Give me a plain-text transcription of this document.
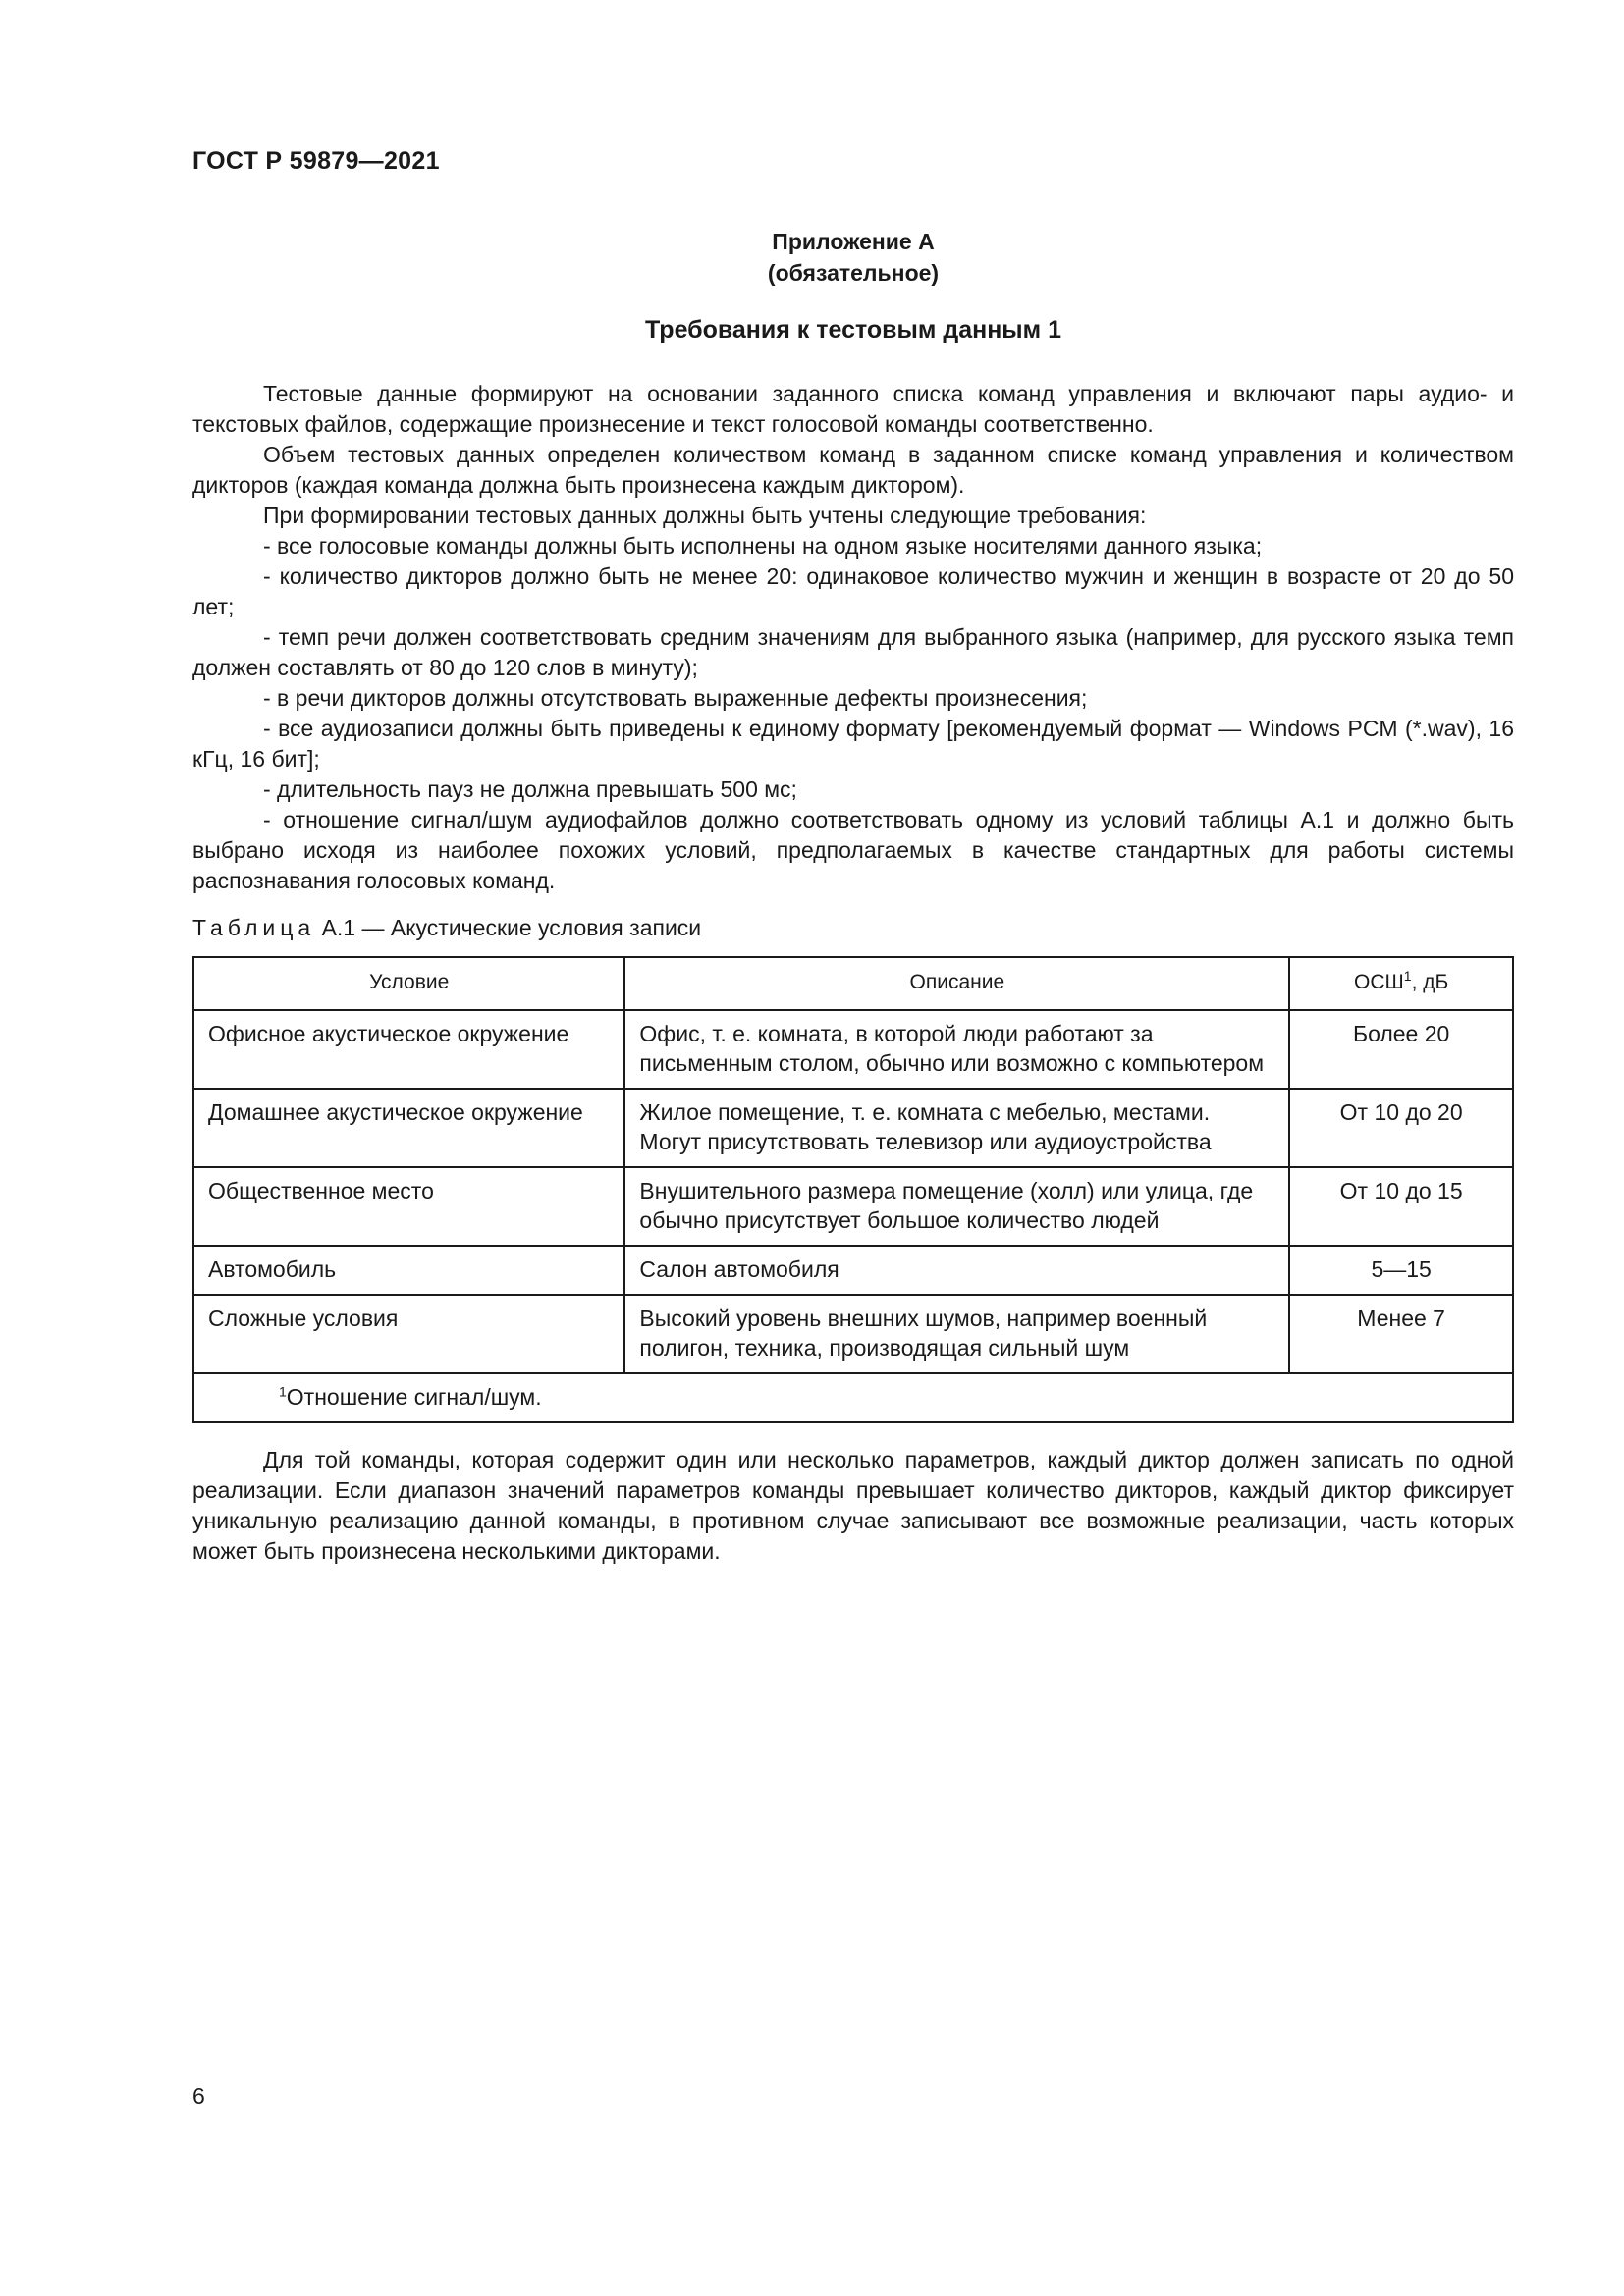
ГОСТ Р 59879—2021
Приложение А
(обязательное)
Требования к тестовым данным 1

Тестовые данные формируют на основании заданного списка команд управления и включают пары аудио- и текстовых файлов, содержащие произнесение и текст голосовой команды соответственно.

Объем тестовых данных определен количеством команд в заданном списке команд управления и количеством дикторов (каждая команда должна быть произнесена каждым диктором).

При формировании тестовых данных должны быть учтены следующие требования:

- все голосовые команды должны быть исполнены на одном языке носителями данного языка;

- количество дикторов должно быть не менее 20: одинаковое количество мужчин и женщин в возрасте от 20 до 50 лет;

- темп речи должен соответствовать средним значениям для выбранного языка (например, для русского языка темп должен составлять от 80 до 120 слов в минуту);

- в речи дикторов должны отсутствовать выраженные дефекты произнесения;

- все аудиозаписи должны быть приведены к единому формату [рекомендуемый формат — Windows PCM (*.wav), 16 кГц, 16 бит];

- длительность пауз не должна превышать 500 мс;

- отношение сигнал/шум аудиофайлов должно соответствовать одному из условий таблицы А.1 и должно быть выбрано исходя из наиболее похожих условий, предполагаемых в качестве стандартных для работы системы распознавания голосовых команд.

Таблица А.1 — Акустические условия записи
Условие	Описание	ОСШ$^1$, дБ
Офисное акустическое окружение	Офис, т. е. комната, в которой люди работают за письменным столом, обычно или возможно с компьютером	Более 20
Домашнее акустическое окружение	Жилое помещение, т. е. комната с мебелью, местами. Могут присутствовать телевизор или аудиоустройства	От 10 до 20
Общественное место	Внушительного размера помещение (холл) или улица, где обычно присутствует большое количество людей	От 10 до 15
Автомобиль	Салон автомобиля	5—15
Сложные условия	Высокий уровень внешних шумов, например военный полигон, техника, производящая сильный шум	Менее 7
$^1$Отношение сигнал/шум.		

Для той команды, которая содержит один или несколько параметров, каждый диктор должен записать по одной реализации. Если диапазон значений параметров команды превышает количество дикторов, каждый диктор фиксирует уникальную реализацию данной команды, в противном случае записывают все возможные реализации, часть которых может быть произнесена несколькими дикторами.

6
